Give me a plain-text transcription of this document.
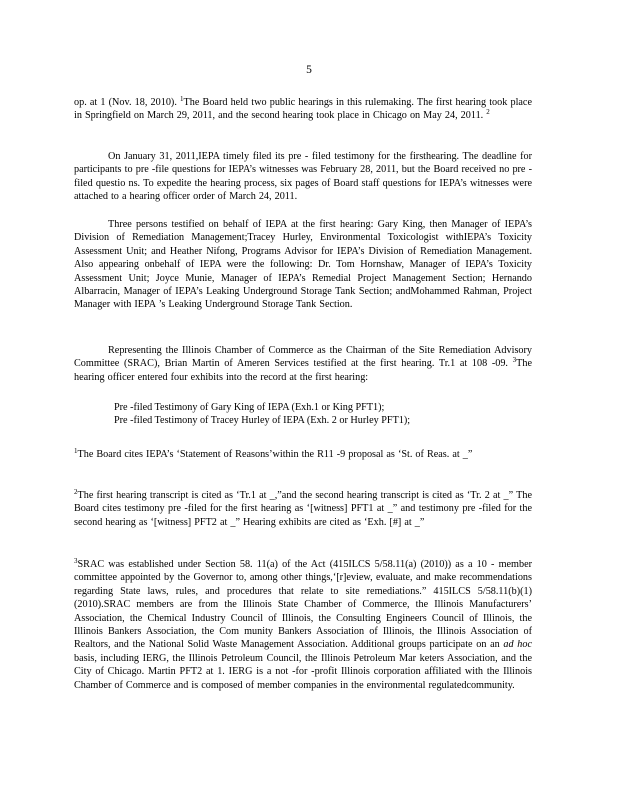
5

op. at 1 (Nov. 18, 2010). $^1$The Board held two public hearings in this rulemaking. The first hearing took place in Springfield on March 29, 2011, and the second hearing took place in Chicago on May 24, 2011. $^2$

On January 31, 2011,IEPA timely filed its pre - filed testimony for the firsthearing. The deadline for participants to pre -file questions for IEPA’s witnesses was February 28, 2011, but the Board received no pre -filed questio ns. To expedite the hearing process, six pages of Board staff questions for IEPA’s witnesses were attached to a hearing officer order of March 24, 2011.

Three persons testified on behalf of IEPA at the first hearing: Gary King, then Manager of IEPA’s Division of Remediation Management;Tracey Hurley, Environmental Toxicologist withIEPA’s Toxicity Assessment Unit; and Heather Nifong, Programs Advisor for IEPA’s Division of Remediation Management. Also appearing onbehalf of IEPA were the following: Dr. Tom Hornshaw, Manager of IEPA’s Toxicity Assessment Unit; Joyce Munie, Manager of IEPA’s Remedial Project Management Section; Hernando Albarracin, Manager of IEPA’s Leaking Underground Storage Tank Section; andMohammed Rahman, Project Manager with IEPA ’s Leaking Underground Storage Tank Section.

Representing the Illinois Chamber of Commerce as the Chairman of the Site Remediation Advisory Committee (SRAC), Brian Martin of Ameren Services testified at the first hearing. Tr.1 at 108 -09. $^3$The hearing officer entered four exhibits into the record at the first hearing:

Pre -filed Testimony of Gary King of IEPA (Exh.1 or King PFT1);
Pre -filed Testimony of Tracey Hurley of IEPA (Exh. 2 or Hurley PFT1);

$^1$The Board cites IEPA’s ‘Statement of Reasons’within the R11 -9 proposal as ‘St. of Reas. at _”

$^2$The first hearing transcript is cited as ‘Tr.1 at _,”and the second hearing transcript is cited as ‘Tr. 2 at _” The Board cites testimony pre -filed for the first hearing as ‘[witness] PFT1 at _” and testimony pre -filed for the second hearing as ‘[witness] PFT2 at _” Hearing exhibits are cited as ‘Exh. [#] at _”

$^3$SRAC was established under Section 58. 11(a) of the Act (415ILCS 5/58.11(a) (2010)) as a 10 - member committee appointed by the Governor to, among other things,‘[r]eview, evaluate, and make recommendations regarding State laws, rules, and procedures that relate to site remediations.” 415ILCS 5/58.11(b)(1) (2010).SRAC members are from the Illinois State Chamber of Commerce, the Illinois Manufacturers’ Association, the Chemical Industry Council of Illinois, the Consulting Engineers Council of Illinois, the Illinois Bankers Association, the Com munity Bankers Association of Illinois, the Illinois Association of Realtors, and the National Solid Waste Management Association. Additional groups participate on an ad hoc basis, including IERG, the Illinois Petroleum Council, the Illinois Petroleum Mar keters Association, and the City of Chicago. Martin PFT2 at 1. IERG is a not -for -profit Illinois corporation affiliated with the Illinois Chamber of Commerce and is composed of member companies in the environmental regulatedcommunity.
